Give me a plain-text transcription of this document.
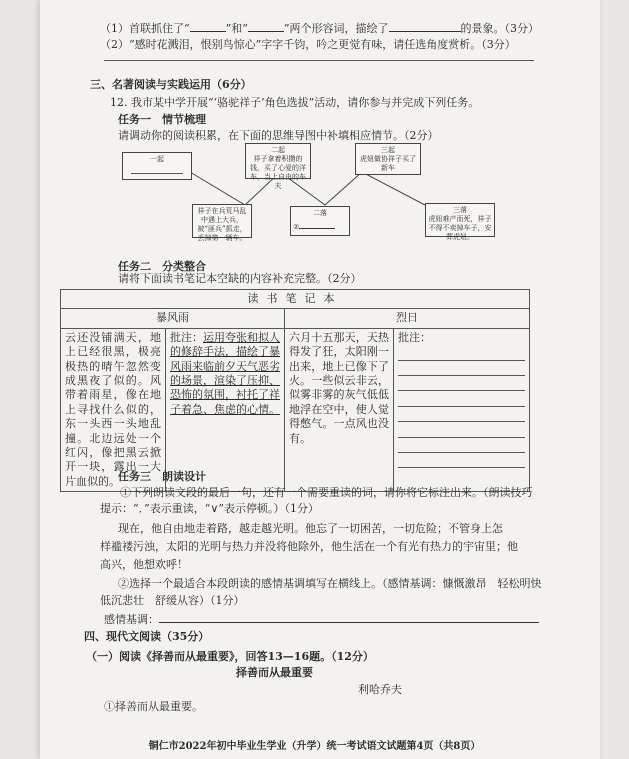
（1）首联抓住了“	”和“	”两个形容词，描绘了	的景象。（3分）
（2）“感时花溅泪，恨别鸟惊心”字字千钧，吟之更觉有味，请任选角度赏析。（3分）
三、名著阅读与实践运用（6分）
12. 我市某中学开展“‘骆驼祥子’角色选拔”活动，请你参与并完成下列任务。
任务一　情节梳理
请调动你的阅读积累，在下面的思维导图中补填相应情节。（2分）
一起
二起
祥子拿着积攒的钱，买了心爱的洋车，当上自由的车夫
三起
虎妞做协祥子买了新车
祥子在兵荒马乱中遇上大兵，被“匪兵”抓走，丢掉第一辆车。
二落
②
三落
虎妞难产而死，祥子不得不卖掉车子，安葬虎妞。
任务二　分类整合
请将下面读书笔记本空缺的内容补充完整。（2分）
读书笔记本			
暴风雨		烈日	
云还没铺满天，地上已经很黑，极亮极热的晴午忽然变成黑夜了似的。风带着雨星，像在地上寻找什么似的，东一头西一头地乱撞。北边远处一个红闪，像把黑云掀开一块，露出一大片血似的。	批注：运用夸张和拟人的修辞手法，描绘了暴风雨来临前夕天气恶劣的场景，渲染了压抑、恐怖的氛围，衬托了祥子着急、焦虑的心情。	六月十五那天，天热得发了狂，太阳刚一出来，地上已像下了火。一些似云非云，似雾非雾的灰气低低地浮在空中，使人觉得憋气。一点风也没有。	批注：
任务三　朗读设计
①下列朗读文段的最后一句，还有一个需要重读的词，请你将它标注出来。（朗读技巧
提示：“．”表示重读，“∨”表示停顿。）（1分）
现在，他自由地走着路，越走越光明。他忘了一切困苦，一切危险；不管身上怎
样褴褛污浊，太阳的光明与热力并没将他除外，他生活在一个有光有热力的宇宙里；他
高兴，他想欢呼！
②选择一个最适合本段朗读的感情基调填写在横线上。（感情基调：慷慨激昂　轻松明快
低沉悲壮　舒缓从容）（1分）
感情基调：
四、现代文阅读（35分）
（一）阅读《择善而从最重要》，回答13—16题。（12分）
择善而从最重要
利哈乔夫
①择善而从最重要。
铜仁市2022年初中毕业生学业（升学）统一考试语文试题第4页（共8页）
